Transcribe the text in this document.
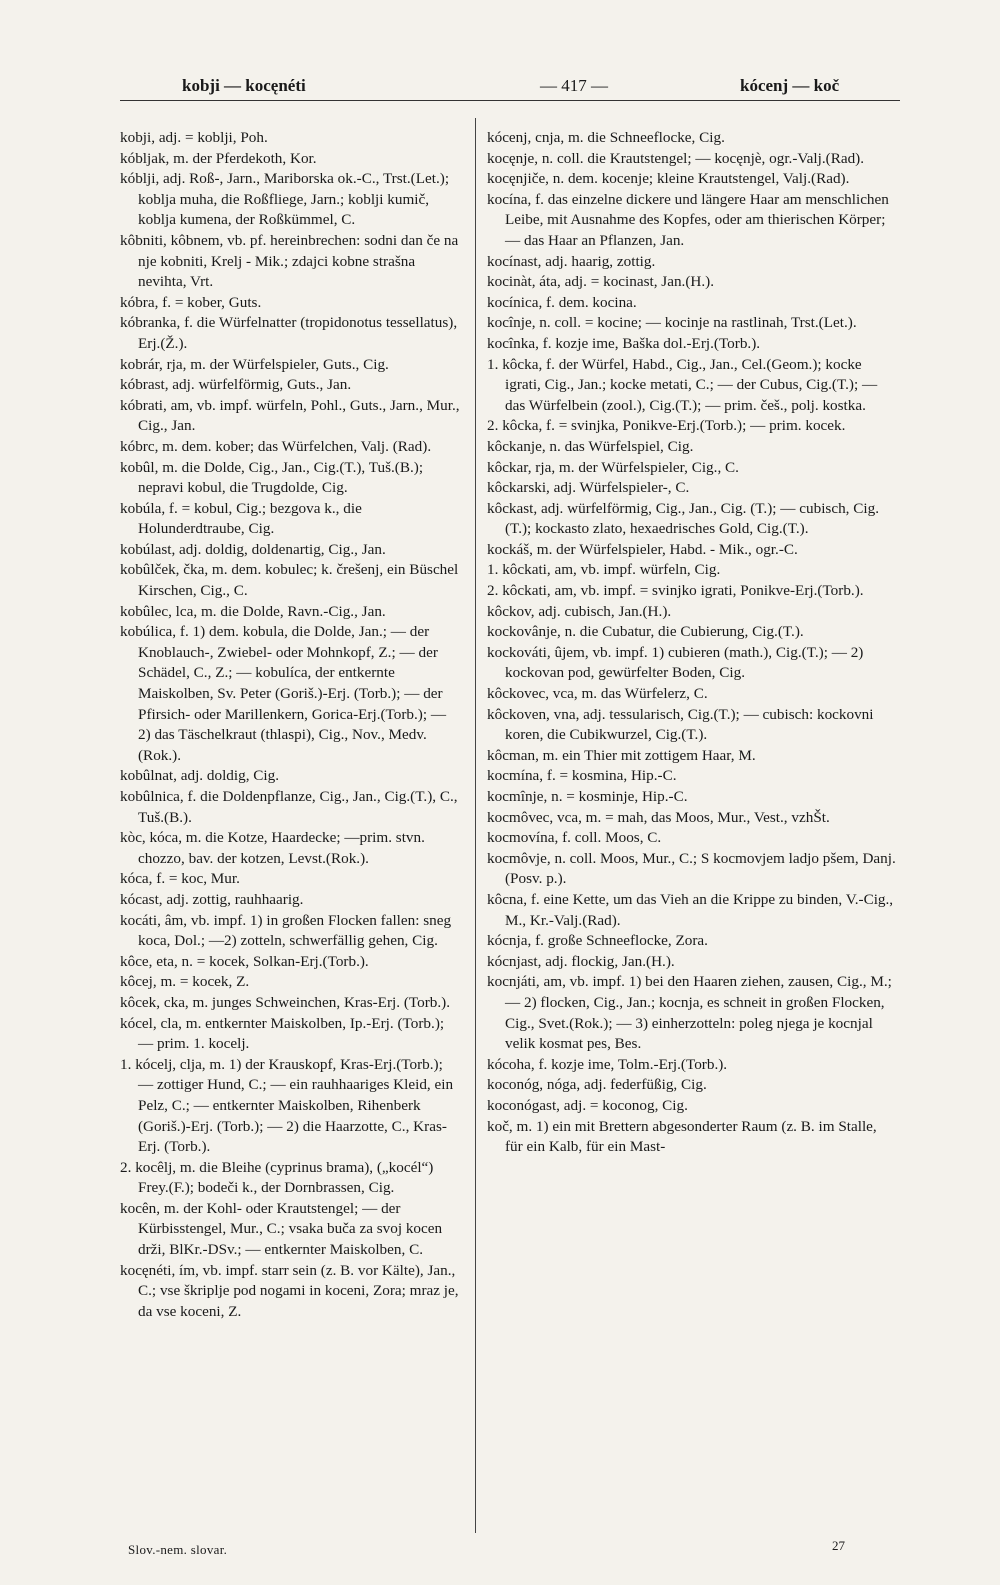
kobji — kocęnéti	— 417 —	kócenj — koč

kobji, adj. = koblji, Poh.

kóbljak, m. der Pferdekoth, Kor.

kóblji, adj. Roß-, Jarn., Mariborska ok.-C., Trst.(Let.); koblja muha, die Roßfliege, Jarn.; koblji kumič, koblja kumena, der Roßkümmel, C.

kôbniti, kôbnem, vb. pf. hereinbrechen: sodni dan če na nje kobniti, Krelj - Mik.; zdajci kobne strašna nevihta, Vrt.

kóbra, f. = kober, Guts.

kóbranka, f. die Würfelnatter (tropidonotus tessellatus), Erj.(Ž.).

kobrár, rja, m. der Würfelspieler, Guts., Cig.

kóbrast, adj. würfelförmig, Guts., Jan.

kóbrati, am, vb. impf. würfeln, Pohl., Guts., Jarn., Mur., Cig., Jan.

kóbrc, m. dem. kober; das Würfelchen, Valj. (Rad).

kobûl, m. die Dolde, Cig., Jan., Cig.(T.), Tuš.(B.); nepravi kobul, die Trugdolde, Cig.

kobúla, f. = kobul, Cig.; bezgova k., die Holunderdtraube, Cig.

kobúlast, adj. doldig, doldenartig, Cig., Jan.

kobûlček, čka, m. dem. kobulec; k. črešenj, ein Büschel Kirschen, Cig., C.

kobûlec, lca, m. die Dolde, Ravn.-Cig., Jan.

kobúlica, f. 1) dem. kobula, die Dolde, Jan.; — der Knoblauch-, Zwiebel- oder Mohnkopf, Z.; — der Schädel, C., Z.; — kobulíca, der entkernte Maiskolben, Sv. Peter (Goriš.)-Erj. (Torb.); — der Pfirsich- oder Marillenkern, Gorica-Erj.(Torb.); — 2) das Täschelkraut (thlaspi), Cig., Nov., Medv.(Rok.).

kobûlnat, adj. doldig, Cig.

kobûlnica, f. die Doldenpflanze, Cig., Jan., Cig.(T.), C., Tuš.(B.).

kòc, kóca, m. die Kotze, Haardecke; —prim. stvn. chozzo, bav. der kotzen, Levst.(Rok.).

kóca, f. = koc, Mur.

kócast, adj. zottig, rauhhaarig.

kocáti, âm, vb. impf. 1) in großen Flocken fallen: sneg koca, Dol.; —2) zotteln, schwerfällig gehen, Cig.

kôce, eta, n. = kocek, Solkan-Erj.(Torb.).

kôcej, m. = kocek, Z.

kôcek, cka, m. junges Schweinchen, Kras-Erj. (Torb.).

kócel, cla, m. entkernter Maiskolben, Ip.-Erj. (Torb.); — prim. 1. kocelj.

1. kócelj, clja, m. 1) der Krauskopf, Kras-Erj.(Torb.); — zottiger Hund, C.; — ein rauhhaariges Kleid, ein Pelz, C.; — entkernter Maiskolben, Rihenberk (Goriš.)-Erj. (Torb.); — 2) die Haarzotte, C., Kras-Erj. (Torb.).

2. kocêlj, m. die Bleihe (cyprinus brama), („kocél“) Frey.(F.); bodeči k., der Dornbrassen, Cig.

kocên, m. der Kohl- oder Krautstengel; — der Kürbisstengel, Mur., C.; vsaka buča za svoj kocen drži, BlKr.-DSv.; — entkernter Maiskolben, C.

kocęnéti, ím, vb. impf. starr sein (z. B. vor Kälte), Jan., C.; vse škriplje pod nogami in koceni, Zora; mraz je, da vse koceni, Z.

kócenj, cnja, m. die Schneeflocke, Cig.

kocęnje, n. coll. die Krautstengel; — kocęnjè, ogr.-Valj.(Rad).

kocęnjiče, n. dem. kocenje; kleine Krautstengel, Valj.(Rad).

kocína, f. das einzelne dickere und längere Haar am menschlichen Leibe, mit Ausnahme des Kopfes, oder am thierischen Körper; — das Haar an Pflanzen, Jan.

kocínast, adj. haarig, zottig.

kocinàt, áta, adj. = kocinast, Jan.(H.).

kocínica, f. dem. kocina.

kocînje, n. coll. = kocine; — kocinje na rastlinah, Trst.(Let.).

kocînka, f. kozje ime, Baška dol.-Erj.(Torb.).

1. kôcka, f. der Würfel, Habd., Cig., Jan., Cel.(Geom.); kocke igrati, Cig., Jan.; kocke metati, C.; — der Cubus, Cig.(T.); — das Würfelbein (zool.), Cig.(T.); — prim. češ., polj. kostka.

2. kôcka, f. = svinjka, Ponikve-Erj.(Torb.); — prim. kocek.

kôckanje, n. das Würfelspiel, Cig.

kôckar, rja, m. der Würfelspieler, Cig., C.

kôckarski, adj. Würfelspieler-, C.

kôckast, adj. würfelförmig, Cig., Jan., Cig. (T.); — cubisch, Cig.(T.); kockasto zlato, hexaedrisches Gold, Cig.(T.).

kockáš, m. der Würfelspieler, Habd. - Mik., ogr.-C.

1. kôckati, am, vb. impf. würfeln, Cig.

2. kôckati, am, vb. impf. = svinjko igrati, Ponikve-Erj.(Torb.).

kôckov, adj. cubisch, Jan.(H.).

kockovânje, n. die Cubatur, die Cubierung, Cig.(T.).

kockováti, ûjem, vb. impf. 1) cubieren (math.), Cig.(T.); — 2) kockovan pod, gewürfelter Boden, Cig.

kôckovec, vca, m. das Würfelerz, C.

kôckoven, vna, adj. tessularisch, Cig.(T.); — cubisch: kockovni koren, die Cubikwurzel, Cig.(T.).

kôcman, m. ein Thier mit zottigem Haar, M.

kocmína, f. = kosmina, Hip.-C.

kocmînje, n. = kosminje, Hip.-C.

kocmôvec, vca, m. = mah, das Moos, Mur., Vest., vzhŠt.

kocmovína, f. coll. Moos, C.

kocmôvje, n. coll. Moos, Mur., C.; S kocmovjem ladjo pšem, Danj.(Posv. p.).

kôcna, f. eine Kette, um das Vieh an die Krippe zu binden, V.-Cig., M., Kr.-Valj.(Rad).

kócnja, f. große Schneeflocke, Zora.

kócnjast, adj. flockig, Jan.(H.).

kocnjáti, am, vb. impf. 1) bei den Haaren ziehen, zausen, Cig., M.; — 2) flocken, Cig., Jan.; kocnja, es schneit in großen Flocken, Cig., Svet.(Rok.); — 3) einherzotteln: poleg njega je kocnjal velik kosmat pes, Bes.

kócoha, f. kozje ime, Tolm.-Erj.(Torb.).

koconóg, nóga, adj. federfüßig, Cig.

koconógast, adj. = koconog, Cig.

koč, m. 1) ein mit Brettern abgesonderter Raum (z. B. im Stalle, für ein Kalb, für ein Mast-

Slov.-nem. slovar.	27
